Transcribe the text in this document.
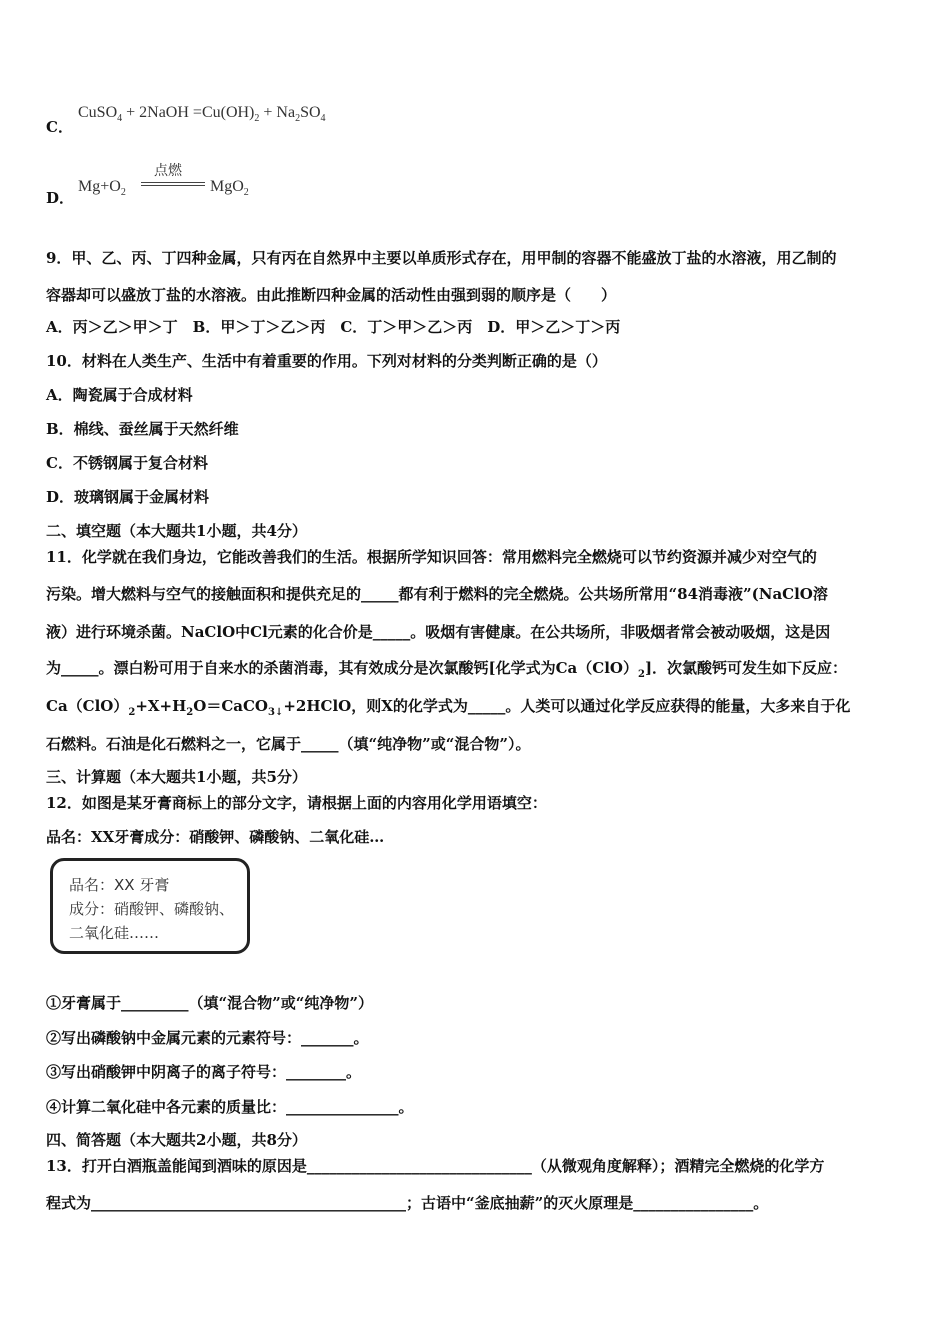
C．
CuSO$_4$ + 2NaOH $=Cu(OH)_2 + Na_2SO_4$
D．
$Mg+O_2$
点燃
MgO$_2$
9．甲、乙、丙、丁四种金属，只有丙在自然界中主要以单质形式存在，用甲制的容器不能盛放丁盐的水溶液，用乙制的
容器却可以盛放丁盐的水溶液。由此推断四种金属的活动性由强到弱的顺序是（　　）
A．丙＞乙＞甲＞丁　B．甲＞丁＞乙＞丙　C．丁＞甲＞乙＞丙　D．甲＞乙＞丁＞丙
10．材料在人类生产、生活中有着重要的作用。下列对材料的分类判断正确的是（）
A．陶瓷属于合成材料
B．棉线、蚕丝属于天然纤维
C．不锈钢属于复合材料
D．玻璃钢属于金属材料
二、填空题（本大题共1小题，共4分）
11．化学就在我们身边，它能改善我们的生活。根据所学知识回答：常用燃料完全燃烧可以节约资源并减少对空气的
污染。增大燃料与空气的接触面积和提供充足的_____都有利于燃料的完全燃烧。公共场所常用“84消毒液”(NaClO溶
液）进行环境杀菌。NaClO中Cl元素的化合价是_____。吸烟有害健康。在公共场所，非吸烟者常会被动吸烟，这是因
为_____。漂白粉可用于自来水的杀菌消毒，其有效成分是次氯酸钙[化学式为$Ca(ClO)_2$]．次氯酸钙可发生如下反应：
$Ca(ClO)_2+X+H_2O=CaCO_{3↓}+2HClO$，则X的化学式为_____。人类可以通过化学反应获得的能量，大多来自于化
石燃料。石油是化石燃料之一，它属于_____（填“纯净物”或“混合物”）。
三、计算题（本大题共1小题，共5分）
12．如图是某牙膏商标上的部分文字，请根据上面的内容用化学用语填空：
品名：XX牙膏成分：硝酸钾、磷酸钠、二氧化硅…
品名：XX 牙膏
成分：硝酸钾、磷酸钠、
二氧化硅……
①牙膏属于_________（填“混合物”或“纯净物”）
②写出磷酸钠中金属元素的元素符号：_______。
③写出硝酸钾中阴离子的离子符号：________。
④计算二氧化硅中各元素的质量比：_______________。
四、简答题（本大题共2小题，共8分）
13．打开白酒瓶盖能闻到酒味的原因是______________________________（从微观角度解释）；酒精完全燃烧的化学方
程式为__________________________________________；古语中“釜底抽薪”的灭火原理是________________。
